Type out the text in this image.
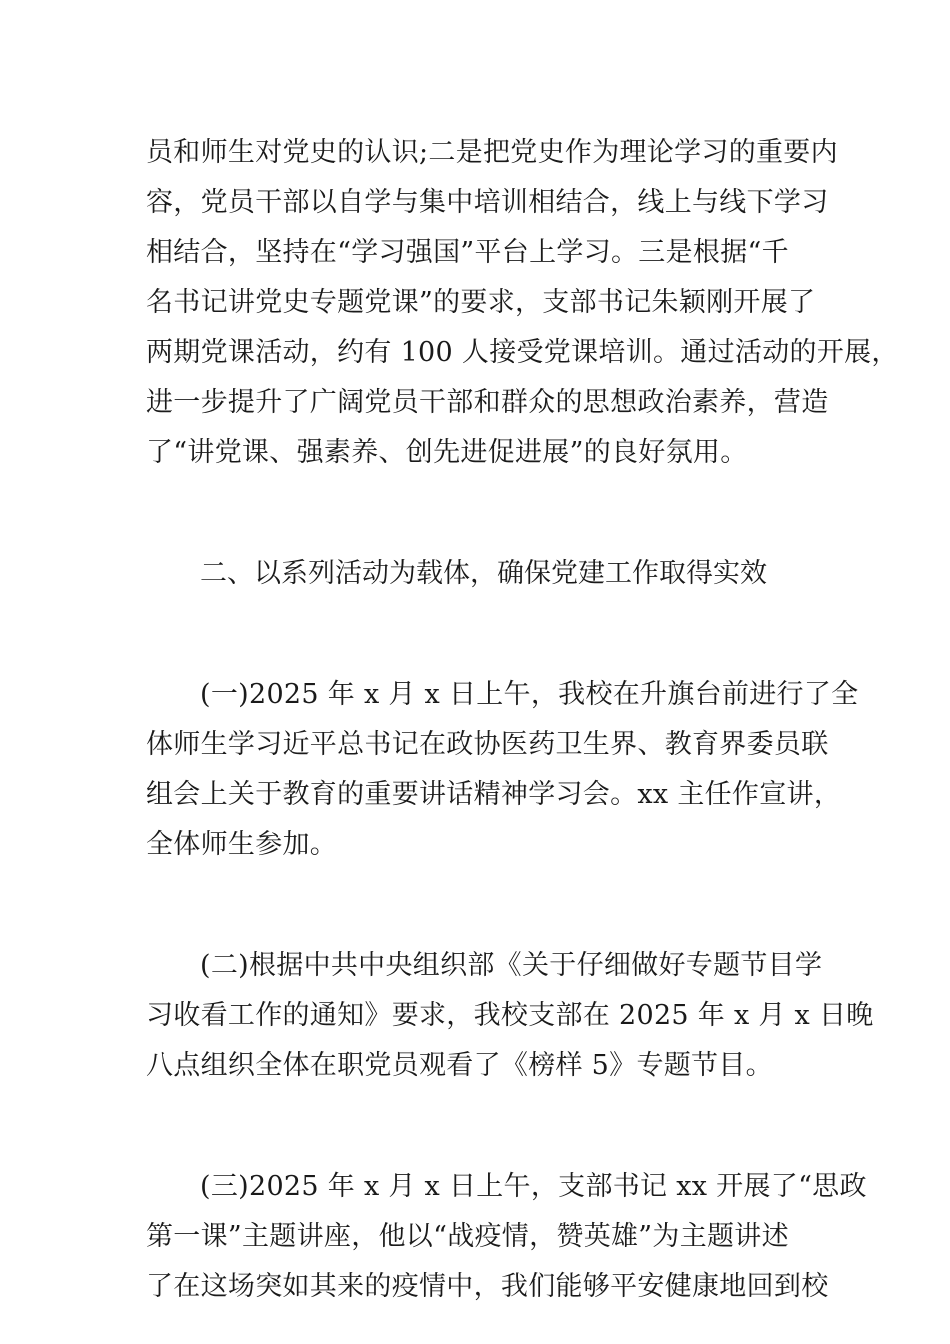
员和师生对党史的认识;二是把党史作为理论学习的重要内
容，党员干部以自学与集中培训相结合，线上与线下学习
相结合，坚持在“学习强国”平台上学习。三是根据“千
名书记讲党史专题党课”的要求，支部书记朱颖刚开展了
两期党课活动，约有 100 人接受党课培训。通过活动的开展，
进一步提升了广阔党员干部和群众的思想政治素养，营造
了“讲党课、强素养、创先进促进展”的良好氛用。
二、以系列活动为载体，确保党建工作取得实效
(一)2025 年 x 月 x 日上午，我校在升旗台前进行了全
体师生学习近平总书记在政协医药卫生界、教育界委员联
组会上关于教育的重要讲话精神学习会。xx 主任作宣讲，
全体师生参加。
(二)根据中共中央组织部《关于仔细做好专题节目学
习收看工作的通知》要求，我校支部在 2025 年 x 月 x 日晚
八点组织全体在职党员观看了《榜样 5》专题节目。
(三)2025 年 x 月 x 日上午，支部书记 xx 开展了“思政
第一课”主题讲座，他以“战疫情，赞英雄”为主题讲述
了在这场突如其来的疫情中，我们能够平安健康地回到校
